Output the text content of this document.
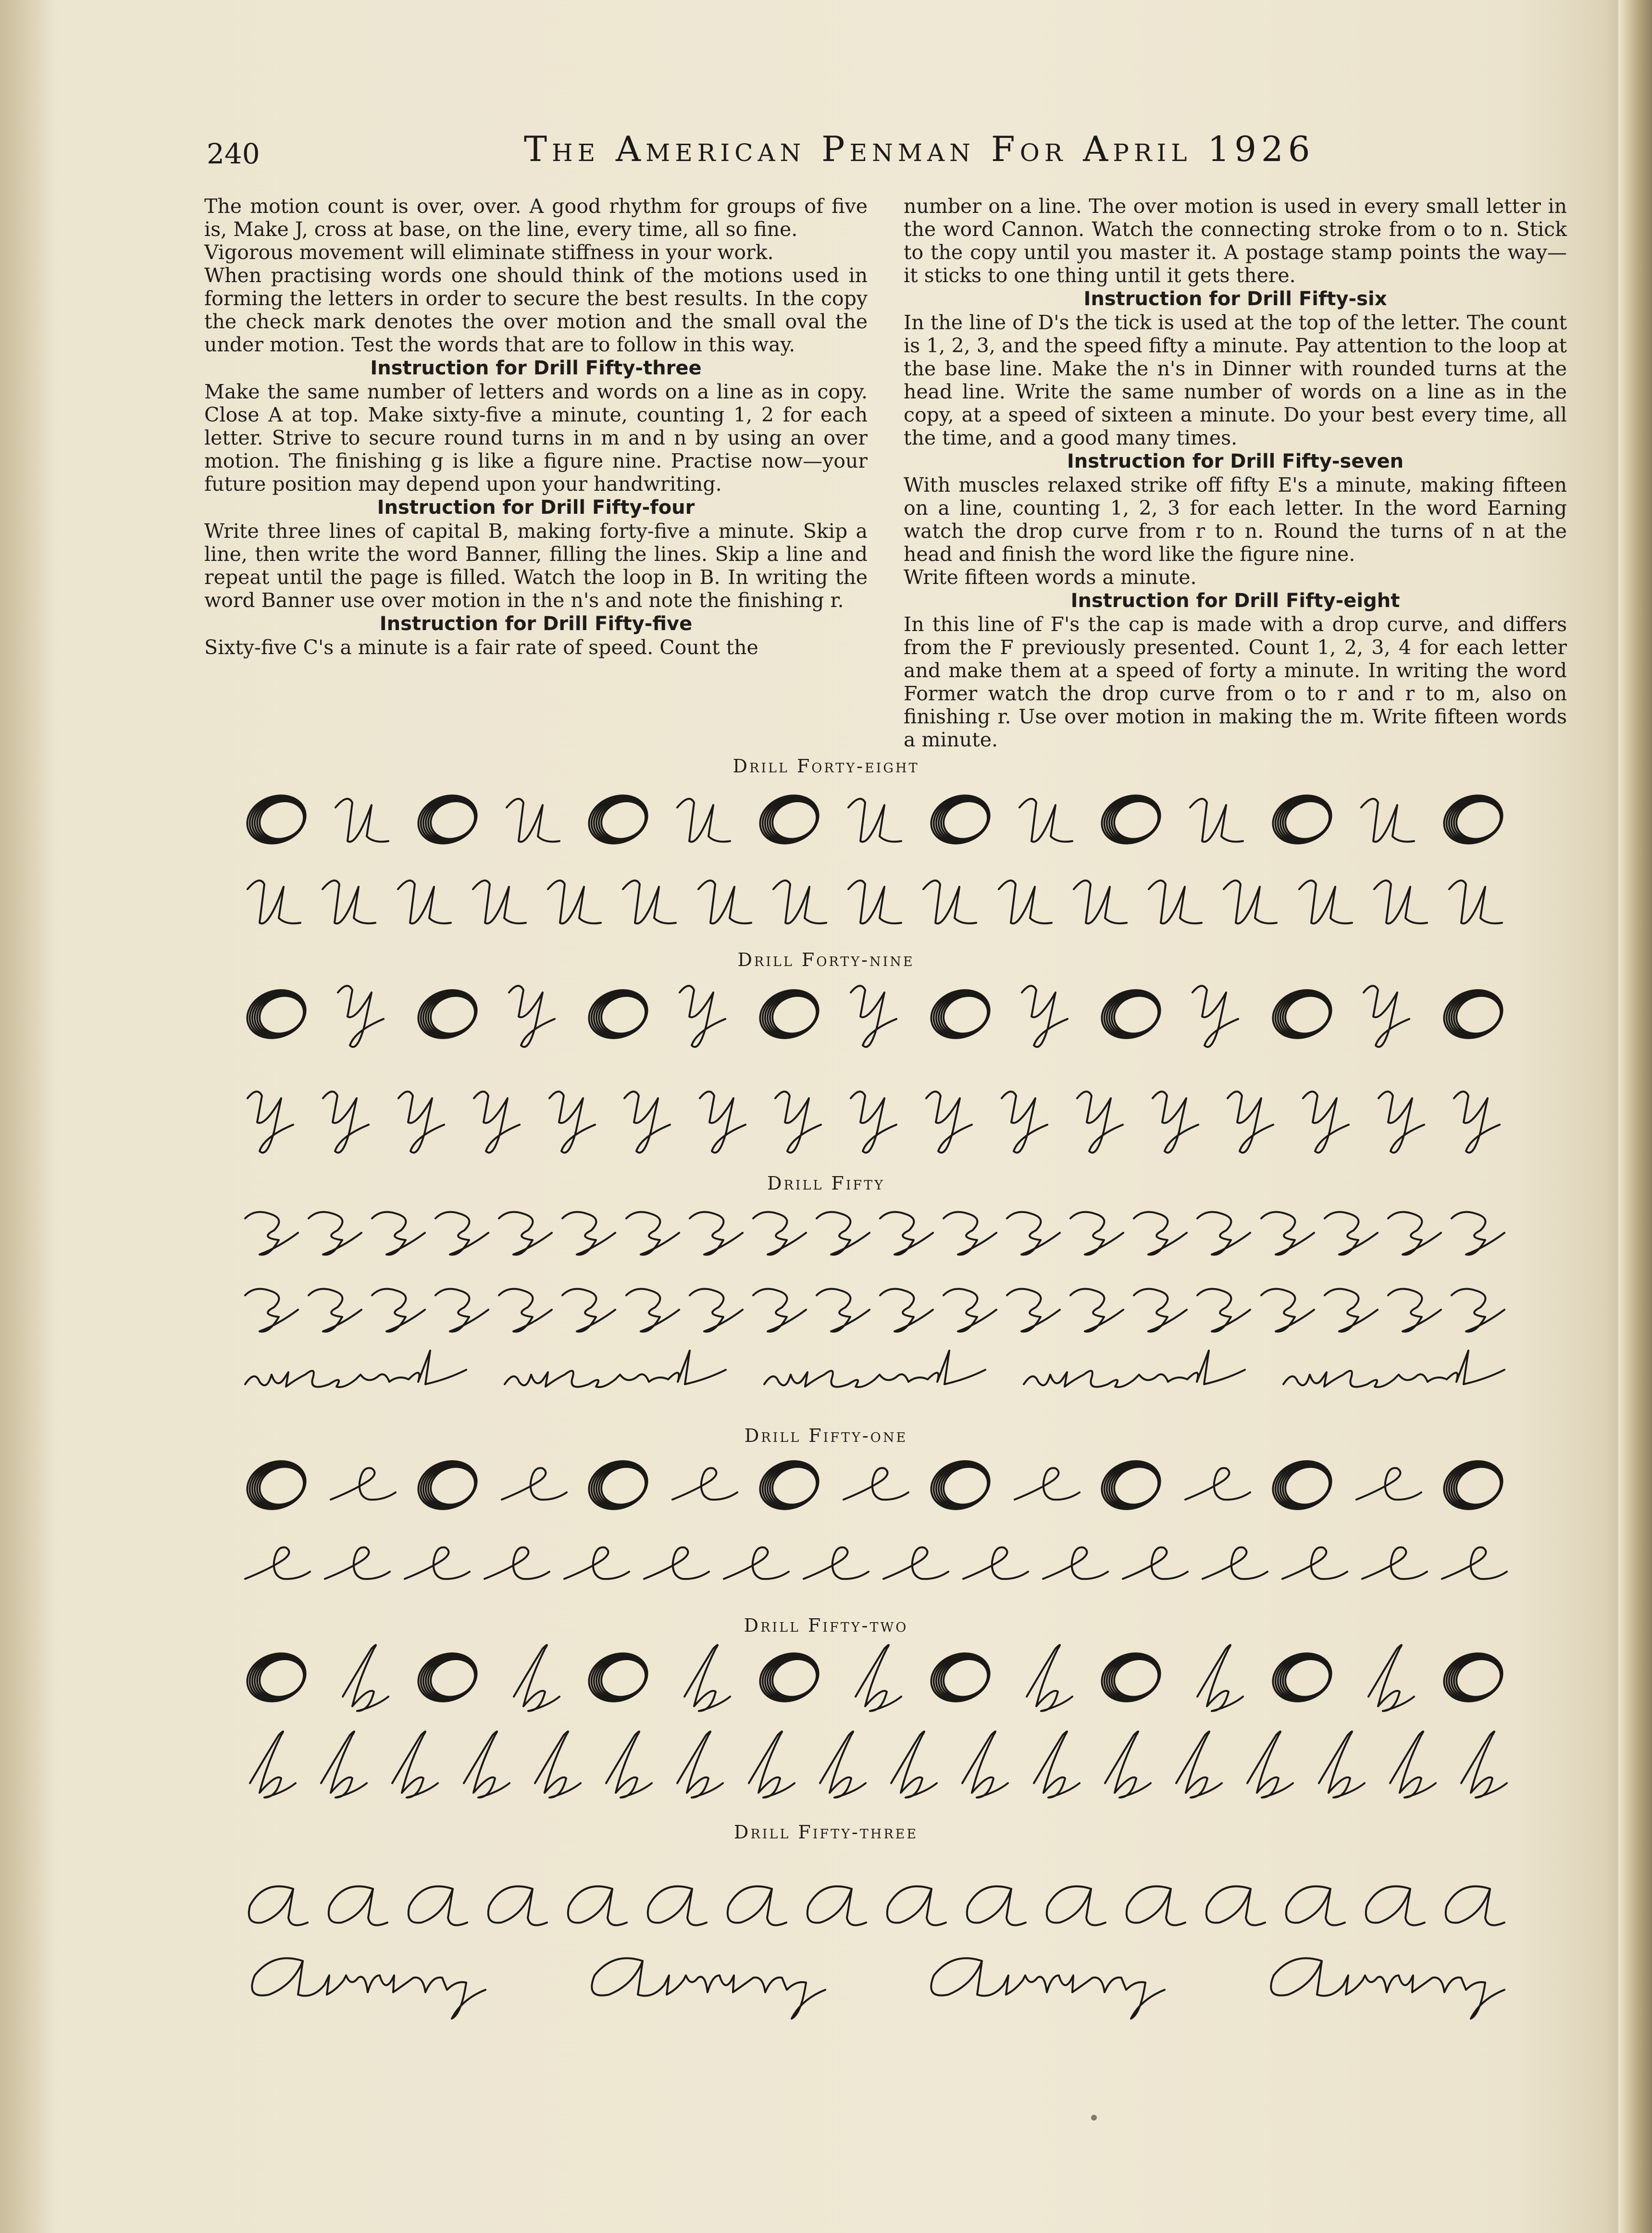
240	The American Penman For April 1926

The motion count is over, over. A good rhythm for groups of five is, Make J, cross at base, on the line, every time, all so fine.

Vigorous movement will eliminate stiffness in your work.

When practising words one should think of the motions used in forming the letters in order to secure the best results. In the copy the check mark denotes the over motion and the small oval the under motion. Test the words that are to follow in this way.

Instruction for Drill Fifty-three

Make the same number of letters and words on a line as in copy. Close A at top. Make sixty-five a minute, counting 1, 2 for each letter. Strive to secure round turns in m and n by using an over motion. The finishing g is like a figure nine. Practise now—your future position may depend upon your handwriting.

Instruction for Drill Fifty-four

Write three lines of capital B, making forty-five a minute. Skip a line, then write the word Banner, filling the lines. Skip a line and repeat until the page is filled. Watch the loop in B. In writing the word Banner use over motion in the n's and note the finishing r.

Instruction for Drill Fifty-five

Sixty-five C's a minute is a fair rate of speed. Count the

number on a line. The over motion is used in every small letter in the word Cannon. Watch the connecting stroke from o to n. Stick to the copy until you master it. A postage stamp points the way—it sticks to one thing until it gets there.

Instruction for Drill Fifty-six

In the line of D's the tick is used at the top of the letter. The count is 1, 2, 3, and the speed fifty a minute. Pay attention to the loop at the base line. Make the n's in Dinner with rounded turns at the head line. Write the same number of words on a line as in the copy, at a speed of sixteen a minute. Do your best every time, all the time, and a good many times.

Instruction for Drill Fifty-seven

With muscles relaxed strike off fifty E's a minute, making fifteen on a line, counting 1, 2, 3 for each letter. In the word Earning watch the drop curve from r to n. Round the turns of n at the head and finish the word like the figure nine.

Write fifteen words a minute.

Instruction for Drill Fifty-eight

In this line of F's the cap is made with a drop curve, and differs from the F previously presented. Count 1, 2, 3, 4 for each letter and make them at a speed of forty a minute. In writing the word Former watch the drop curve from o to r and r to m, also on finishing r. Use over motion in making the m. Write fifteen words a minute.

Drill Forty-eight
Drill Forty-nine
Drill Fifty
Drill Fifty-one
Drill Fifty-two
Drill Fifty-three
